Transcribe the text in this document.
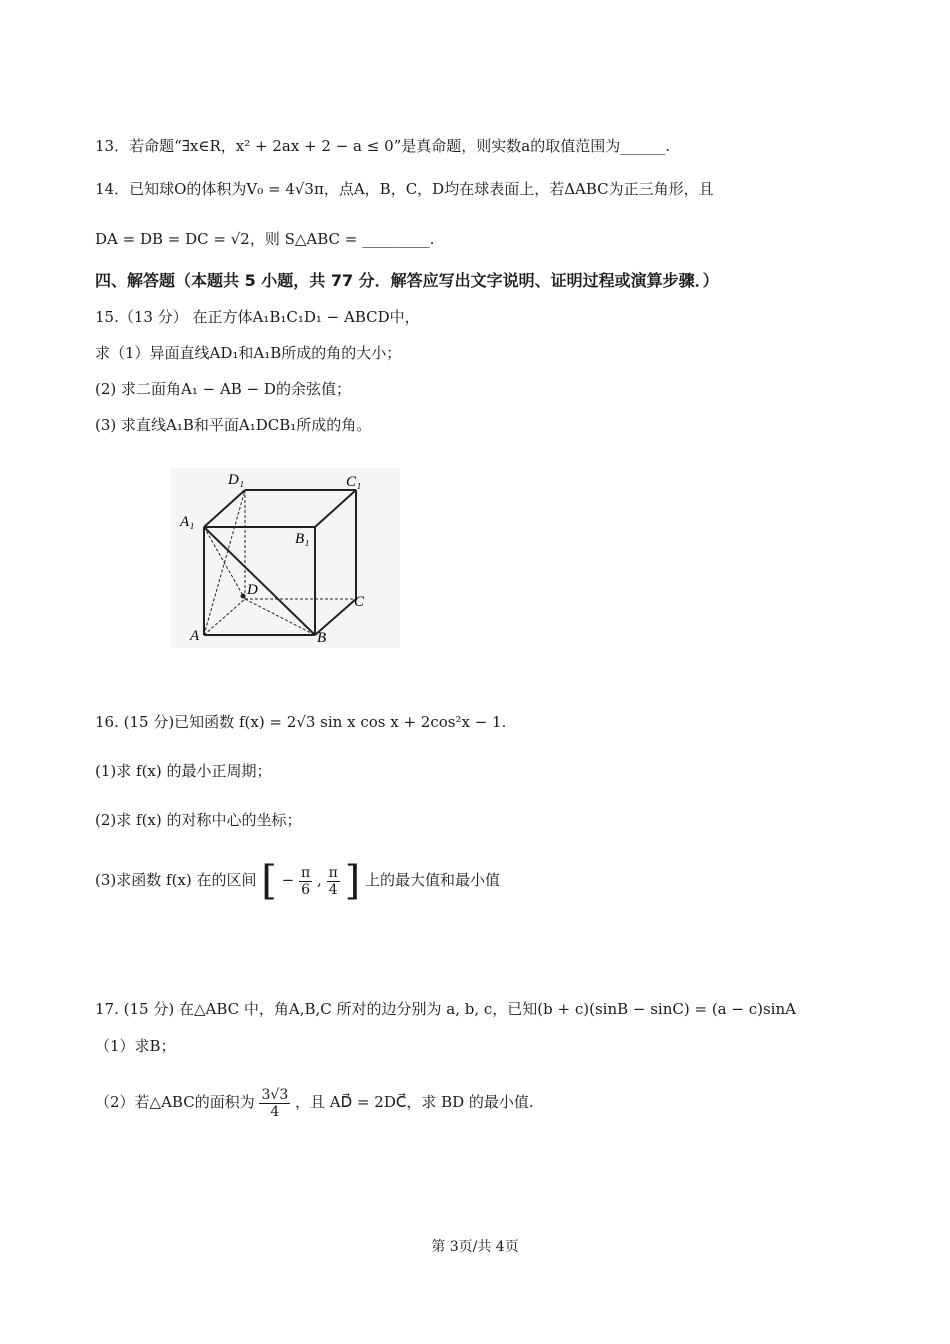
13．若命题“∃x∈R，x² + 2ax + 2 − a ≤ 0”是真命题，则实数a的取值范围为______.
14．已知球O的体积为V₀ = 4√3π，点A，B，C，D均在球表面上，若ΔABC为正三角形，且
DA = DB = DC = √2，则 S△ABC = _________.
四、解答题（本题共 5 小题，共 77 分．解答应写出文字说明、证明过程或演算步骤．）
15.（13 分） 在正方体A₁B₁C₁D₁ − ABCD中，
求（1）异面直线AD₁和A₁B所成的角的大小；
(2) 求二面角A₁ − AB − D的余弦值；
(3) 求直线A₁B和平面A₁DCB₁所成的角。
D₁	C₁
A₁
B₁
D
C
A	B
16. (15 分)已知函数 f(x) = 2√3 sin x cos x + 2cos²x − 1.
(1)求 f(x) 的最小正周期；
(2)求 f(x) 的对称中心的坐标；
(3)求函数 f(x) 在的区间 [ − $\frac{\pi}{6}$ , $\frac{\pi}{4}$ ] 上的最大值和最小值
17. (15 分) 在△ABC 中，角A,B,C 所对的边分别为 a, b, c，已知(b + c)(sinB − sinC) = (a − c)sinA
（1）求B；
（2）若△ABC的面积为 $\frac{3√3}{4}$ ，且 AD⃗ = 2DC⃗，求 BD 的最小值.
第 3页/共 4页
